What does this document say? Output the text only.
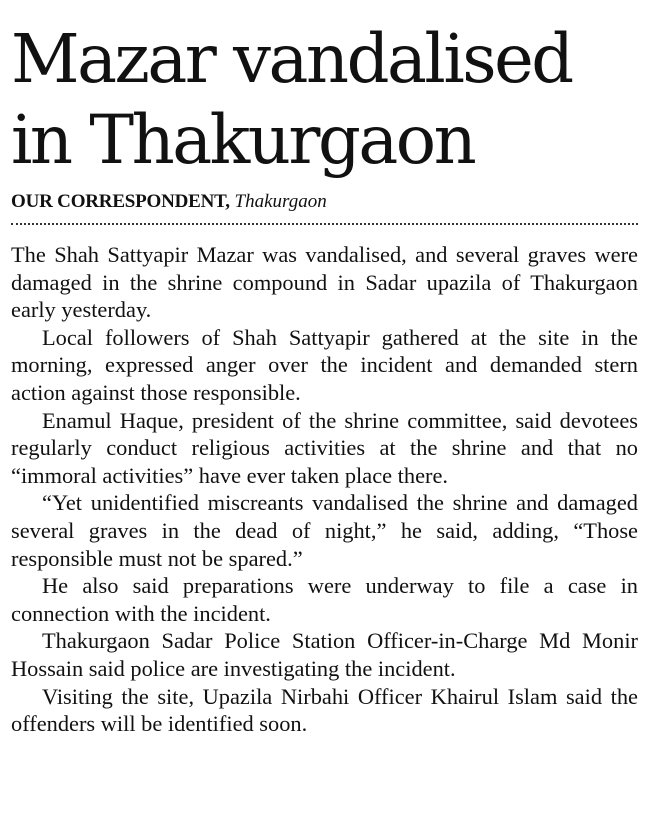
Mazar vandalised
in Thakurgaon
OUR CORRESPONDENT, Thakurgaon

The Shah Sattyapir Mazar was vandalised, and several graves were damaged in the shrine compound in Sadar upazila of Thakurgaon early yesterday.

Local followers of Shah Sattyapir gathered at the site in the morning, expressed anger over the incident and demanded stern action against those responsible.

Enamul Haque, president of the shrine committee, said devotees regularly conduct religious activities at the shrine and that no “immoral activities” have ever taken place there.

“Yet unidentified miscreants vandalised the shrine and damaged several graves in the dead of night,” he said, adding, “Those responsible must not be spared.”

He also said preparations were underway to file a case in connection with the incident.

Thakurgaon Sadar Police Station Officer-in-Charge Md Monir Hossain said police are investigating the incident.

Visiting the site, Upazila Nirbahi Officer Khairul Islam said the offenders will be identified soon.
